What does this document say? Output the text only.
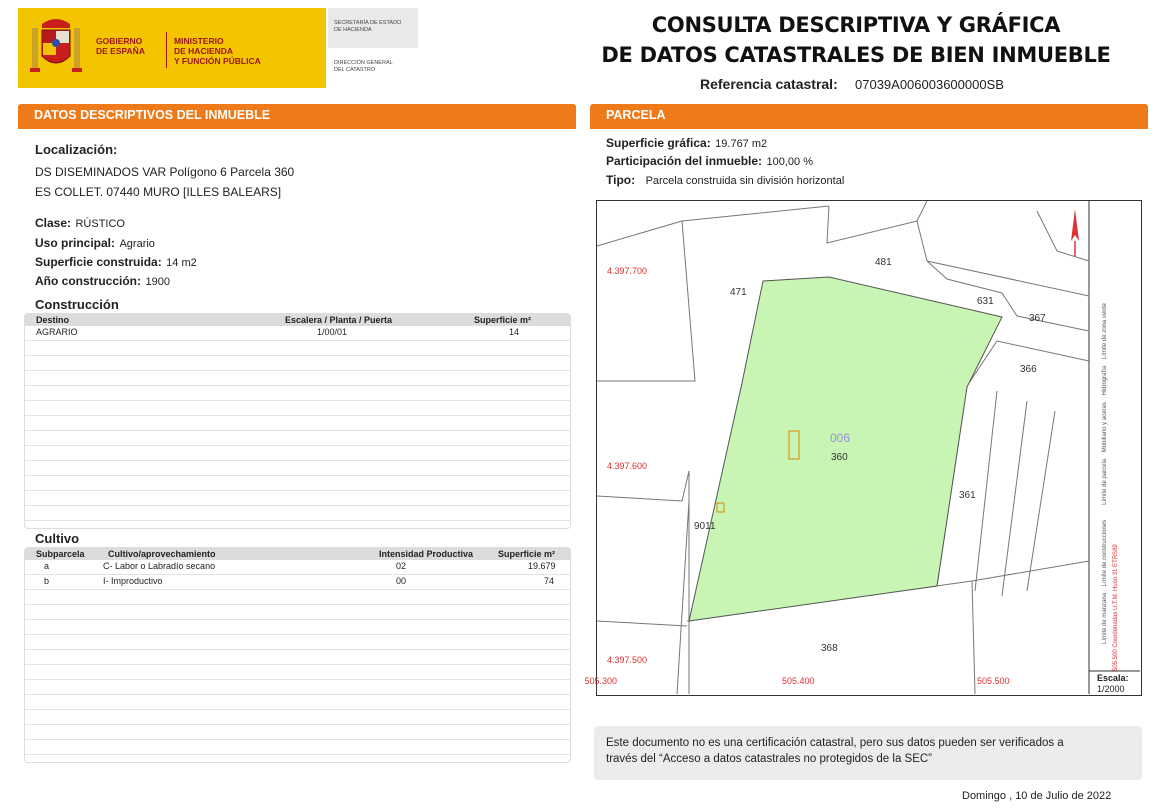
GOBIERNO
DE ESPAÑA
MINISTERIO
DE HACIENDA
Y FUNCIÓN PÚBLICA
SECRETARÍA DE ESTADO
DE HACIENDA
DIRECCIÓN GENERAL
DEL CATASTRO
CONSULTA DESCRIPTIVA Y GRÁFICA
DE DATOS CATASTRALES DE BIEN INMUEBLE
Referencia catastral: 07039A006003600000SB
DATOS DESCRIPTIVOS DEL INMUEBLE
Localización:
DS DISEMINADOS VAR Polígono 6 Parcela 360
ES COLLET. 07440 MURO [ILLES BALEARS]
Clase: RÚSTICO
Uso principal: Agrario
Superficie construida: 14 m2
Año construcción: 1900
Construcción
Destino	Escalera / Planta / Puerta	Superficie m²
AGRARIO	1/00/01	14
Cultivo
Subparcela	Cultivo/aprovechamiento	Intensidad Productiva	Superficie m²
a	C- Labor o Labradío secano	02	19.679
b	I- Improductivo	00	74
PARCELA
Superficie gráfica: 19.767 m2
Participación del inmueble: 100,00 %
Tipo: Parcela construida sin división horizontal
471
481
631
367
366
360
361
9011
368
006
4.397.700
4.397.600
4.397.500
505.300	505.400	505.500
Límite de manzana    Límite de construcciones         Límite de parcela    Mobiliario y aceras    Hidrografía    Límite de zona verde
505.500 Coordenadas U.T.M. Huso 31 ETRS89
Escala:
1/2000
Este documento no es una certificación catastral, pero sus datos pueden ser verificados a
través del “Acceso a datos catastrales no protegidos de la SEC”
Domingo , 10 de Julio de 2022
